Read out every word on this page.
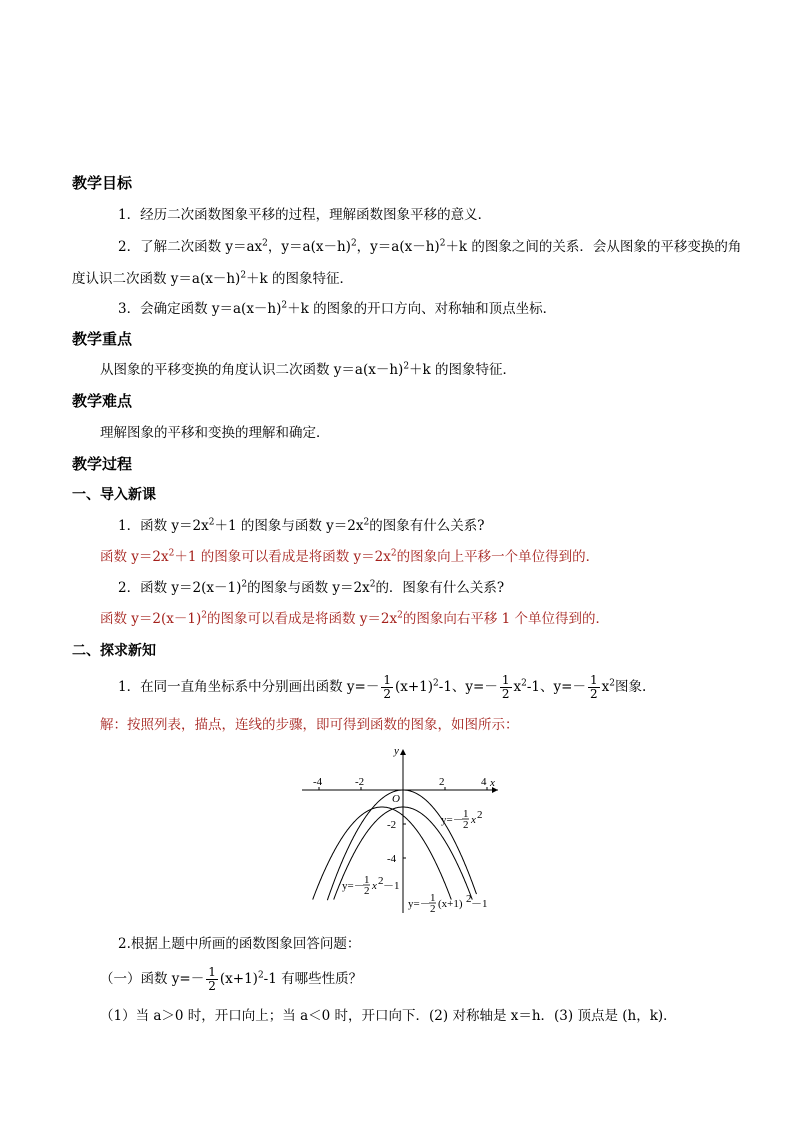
教学目标
1．经历二次函数图象平移的过程，理解函数图象平移的意义．
2．了解二次函数 $y=ax^2$，$y=a(x-h)^2$，$y=a(x-h)^2+k$ 的图象之间的关系．会从图象的平移变换的角
度认识二次函数 $y=a(x-h)^2+k$ 的图象特征．
3．会确定函数 $y=a(x-h)^2+k$ 的图象的开口方向、对称轴和顶点坐标．
教学重点
从图象的平移变换的角度认识二次函数 $y=a(x-h)^2+k$ 的图象特征．
教学难点
理解图象的平移和变换的理解和确定．
教学过程
一、导入新课
1．函数 $y=2x^2+1$ 的图象与函数 $y=2x^2$的图象有什么关系?
函数 $y=2x^2+1$ 的图象可以看成是将函数 $y=2x^2$的图象向上平移一个单位得到的．
2．函数 $y=2(x-1)^2$的图象与函数 $y=2x^2$的．图象有什么关系?
函数 $y=2(x-1)^2$的图象可以看成是将函数 $y=2x^2$的图象向右平移 1 个单位得到的．
二、探求新知
1．在同一直角坐标系中分别画出函数 $y=- \frac{1}{2} (x+1)^2-1$、$y=- \frac{1}{2} x^2-1$、$y=- \frac{1}{2} x^2$图象.
解：按照列表，描点，连线的步骤，即可得到函数的图象，如图所示：
-4	-2	2	4
-2
-4
x
y
O
y=－ 1
2 x 2
y=－ 1
2 x 2 －1
y=－ 1
2 (x+1) 2 －1
2.根据上题中所画的函数图象回答问题：
（一）函数 $y=- \frac{1}{2} (x+1)^2-1$ 有哪些性质？
（1）当 a＞0 时，开口向上；当 a＜0 时，开口向下．(2) 对称轴是 x＝h．(3) 顶点是 (h，k)．
